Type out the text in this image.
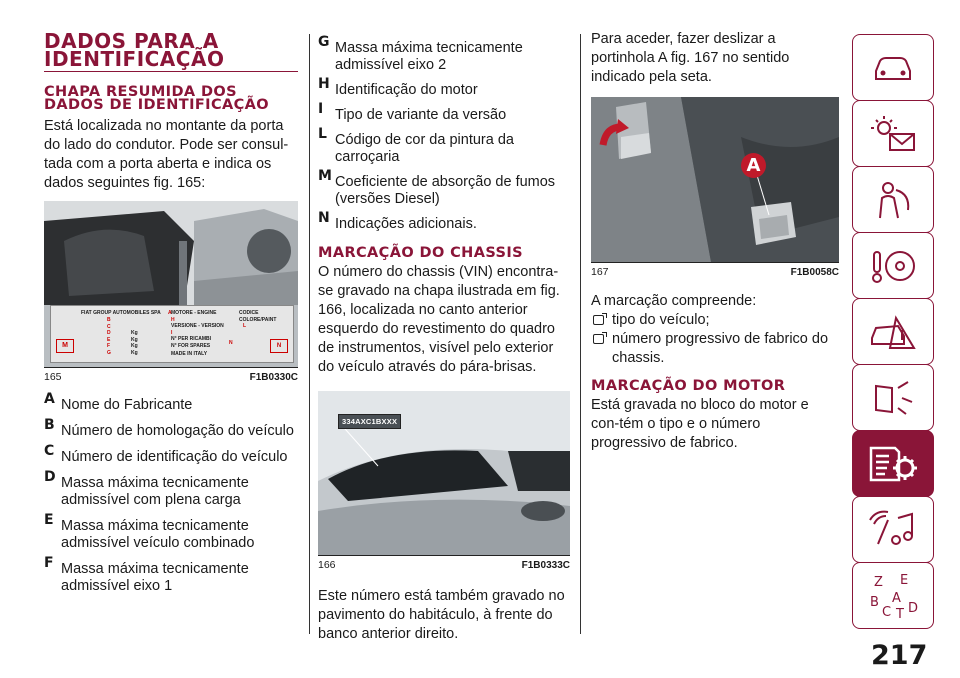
DADOS PARA A IDENTIFICAÇÃO
CHAPA RESUMIDA DOS DADOS DE IDENTIFICAÇÃO

Está localizada no montante da porta do lado do condutor. Pode ser consul-tada com a porta aberta e indica os dados seguintes fig. 165:

FIAT GROUP AUTOMOBILES SPA A
B
C
D
E
F
G
Kg
Kg
Kg
Kg
M
MOTORE - ENGINE
H
VERSIONE - VERSION
I
N° PER RICAMBI
N° FOR SPARES
MADE IN ITALY
N
CODICE COLORE/PAINT
L
N
165	F1B0330C
A Nome do Fabricante
B Número de homologação do veículo
C Número de identificação do veículo
D Massa máxima tecnicamente admissível com plena carga
E Massa máxima tecnicamente admissível veículo combinado
F Massa máxima tecnicamente admissível eixo 1
G Massa máxima tecnicamente admissível eixo 2
H Identificação do motor
I Tipo de variante da versão
L Código de cor da pintura da carroçaria
M Coeficiente de absorção de fumos (versões Diesel)
N Indicações adicionais.
MARCAÇÃO DO CHASSIS

O número do chassis (VIN) encontra-se gravado na chapa ilustrada em fig. 166, localizada no canto anterior esquerdo do revestimento do quadro de instrumentos, visível pelo exterior do veículo através do pára-brisas.

334AXC1BXXX
166	F1B0333C

Este número está também gravado no pavimento do habitáculo, à frente do banco anterior direito.

Para aceder, fazer deslizar a portinhola A fig. 167 no sentido indicado pela seta.

A
167	F1B0058C

A marcação compreende:

tipo do veículo;
número progressivo de fabrico do chassis.
MARCAÇÃO DO MOTOR

Está gravada no bloco do motor e con-tém o tipo e o número progressivo de fabrico.

Z E
B A
C T D
217
